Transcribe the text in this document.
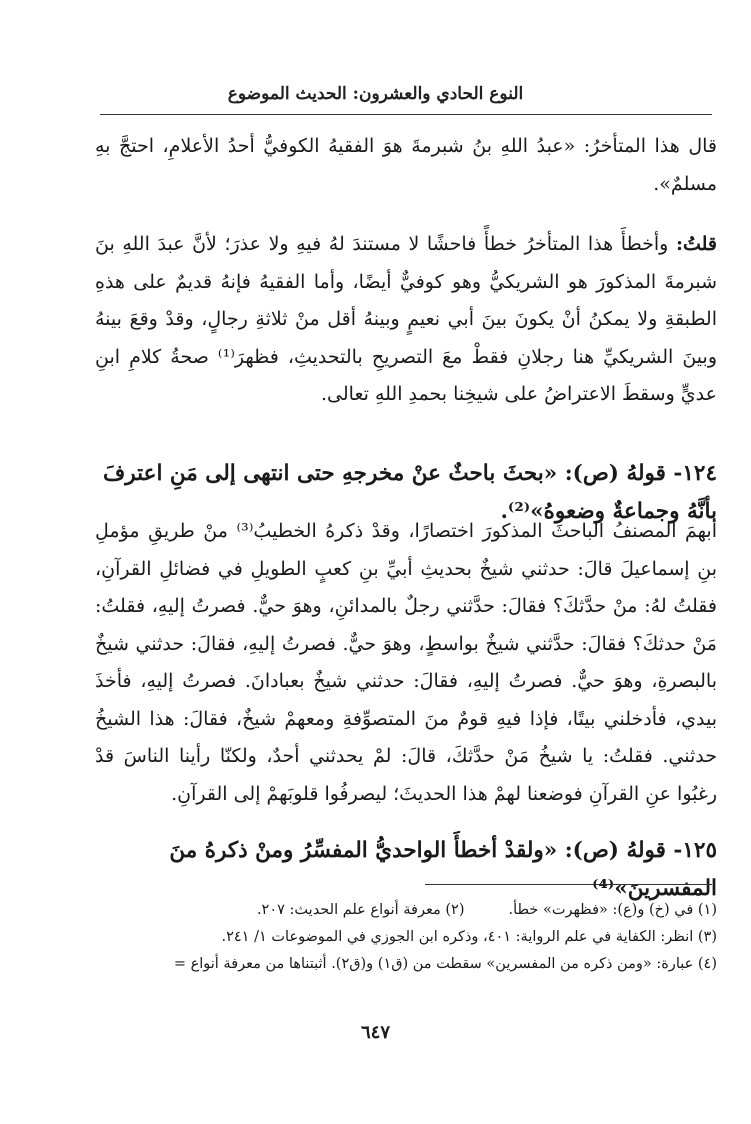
النوع الحادي والعشرون: الحديث الموضوع
قال هذا المتأخرُ: «عبدُ اللهِ بنُ شبرمةَ هوَ الفقيهُ الكوفيُّ أحدُ الأعلامِ، احتجَّ بهِ مسلمٌ».
قلتُ: وأخطأَ هذا المتأخرُ خطأً فاحشًا لا مستندَ لهُ فيهِ ولا عذرَ؛ لأنَّ عبدَ اللهِ بنَ شبرمةَ المذكورَ هو الشريكيُّ وهو كوفيٌّ أيضًا، وأما الفقيهُ فإنهُ قديمٌ على هذهِ الطبقةِ ولا يمكنُ أنْ يكونَ بينَ أبي نعيمٍ وبينهُ أقل منْ ثلاثةِ رجالٍ، وقدْ وقعَ بينهُ وبينَ الشريكيِّ هنا رجلانِ فقطْ معَ التصريحِ بالتحديثِ، فظهرَ⁽¹⁾ صحةُ كلامِ ابنِ عديٍّ وسقطَ الاعتراضُ على شيخِنا بحمدِ اللهِ تعالى.
١٢٤- قولهُ (ص): «بحثَ باحثٌ عنْ مخرجهِ حتى انتهى إلى مَنِ اعترفَ بأنَّهُ وجماعةٌ وضعوهُ»⁽²⁾.
أبهمَ المصنفُ الباحثَ المذكورَ اختصارًا، وقدْ ذكرهُ الخطيبُ⁽³⁾ منْ طريقِ مؤملِ بنِ إسماعيلَ قالَ: حدثني شيخٌ بحديثِ أبيِّ بنِ كعبٍ الطويلِ في فضائلِ القرآنِ، فقلتُ لهُ: منْ حدَّثكَ؟ فقالَ: حدَّثني رجلٌ بالمدائنِ، وهوَ حيٌّ. فصرتُ إليهِ، فقلتُ: مَنْ حدثكَ؟ فقالَ: حدَّثني شيخٌ بواسطٍ، وهوَ حيٌّ. فصرتُ إليهِ، فقالَ: حدثني شيخٌ بالبصرةِ، وهوَ حيٌّ. فصرتُ إليهِ، فقالَ: حدثني شيخٌ بعبادانَ. فصرتُ إليهِ، فأخذَ بيدي، فأدخلني بيتًا، فإذا فيهِ قومٌ منَ المتصوِّفةِ ومعهمْ شيخٌ، فقالَ: هذا الشيخُ حدثني. فقلتُ: يا شيخُ مَنْ حدَّثكَ، قالَ: لمْ يحدثني أحدٌ، ولكنّا رأينا الناسَ قدْ رغبُوا عنِ القرآنِ فوضعنا لهمْ هذا الحديثَ؛ ليصرفُوا قلوبَهمْ إلى القرآنِ.
١٢٥- قولهُ (ص): «ولقدْ أخطأَ الواحديُّ المفسِّرُ ومنْ ذكرهُ منَ المفسرينَ»⁽⁴⁾
(١) في (خ) و(ع): «فظهرت» خطأ.
(٢) معرفة أنواع علم الحديث: ٢٠٧.
(٣) انظر: الكفاية في علم الرواية: ٤٠١، وذكره ابن الجوزي في الموضوعات ١/ ٢٤١.
(٤) عبارة: «ومن ذكره من المفسرين» سقطت من (ق١) و(ق٢). أثبتناها من معرفة أنواع =
٦٤٧
